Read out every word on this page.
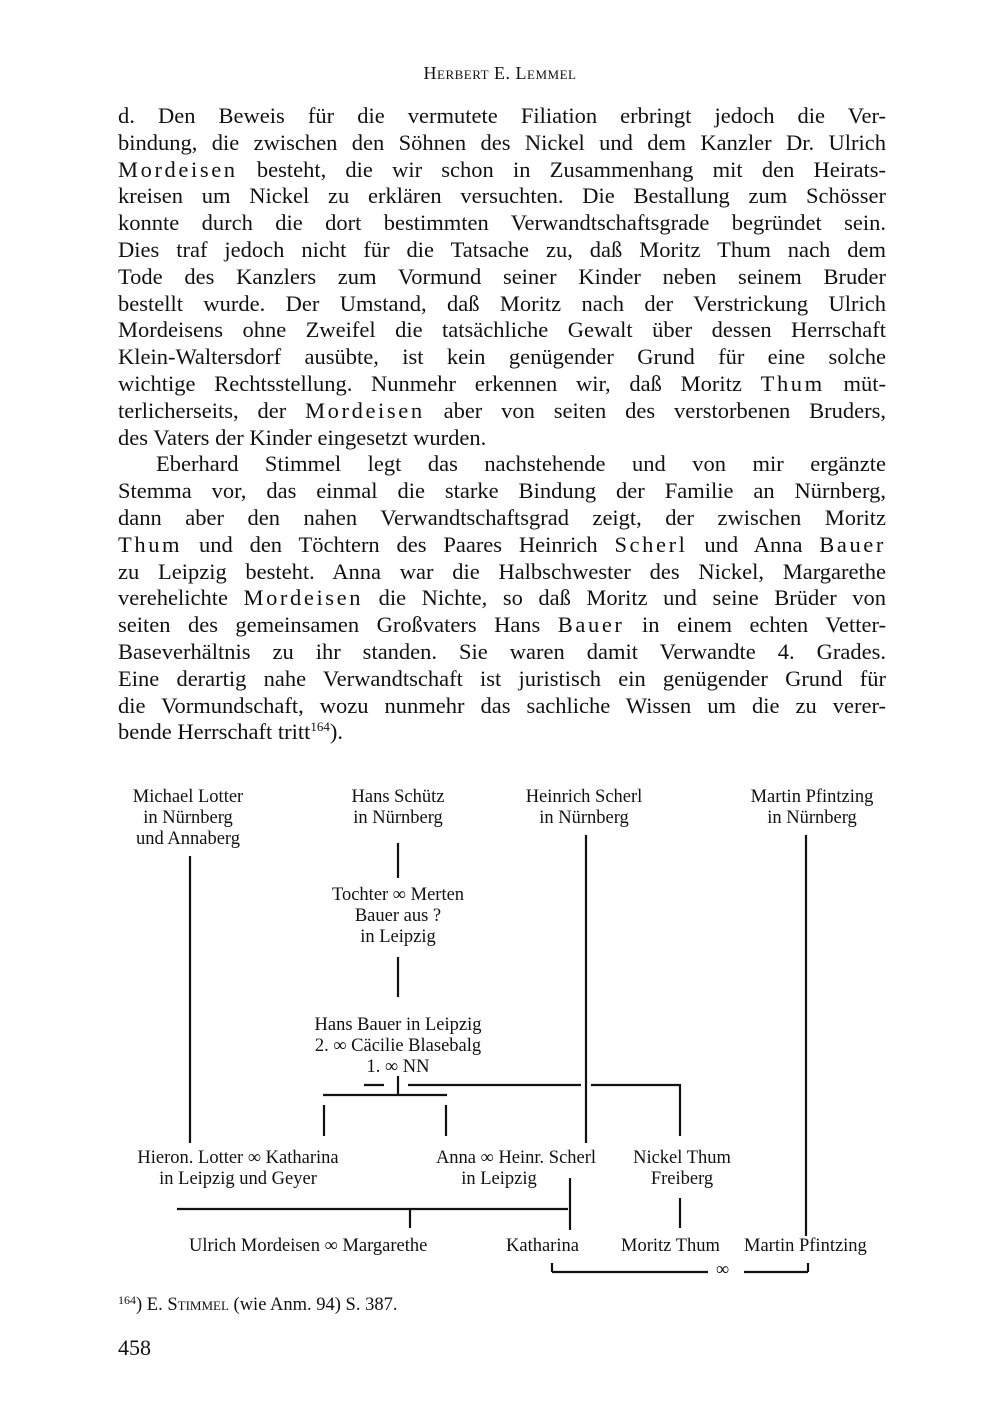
Herbert E. Lemmel

d. Den Beweis für die vermutete Filiation erbringt jedoch die Ver-
bindung, die zwischen den Söhnen des Nickel und dem Kanzler Dr. Ulrich
Mordeisen besteht, die wir schon in Zusammenhang mit den Heirats-
kreisen um Nickel zu erklären versuchten. Die Bestallung zum Schösser
konnte durch die dort bestimmten Verwandtschaftsgrade begründet sein.
Dies traf jedoch nicht für die Tatsache zu, daß Moritz Thum nach dem
Tode des Kanzlers zum Vormund seiner Kinder neben seinem Bruder
bestellt wurde. Der Umstand, daß Moritz nach der Verstrickung Ulrich
Mordeisens ohne Zweifel die tatsächliche Gewalt über dessen Herrschaft
Klein-Waltersdorf ausübte, ist kein genügender Grund für eine solche
wichtige Rechtsstellung. Nunmehr erkennen wir, daß Moritz Thum müt-
terlicherseits, der Mordeisen aber von seiten des verstorbenen Bruders,
des Vaters der Kinder eingesetzt wurden.

Eberhard Stimmel legt das nachstehende und von mir ergänzte
Stemma vor, das einmal die starke Bindung der Familie an Nürnberg,
dann aber den nahen Verwandtschaftsgrad zeigt, der zwischen Moritz
Thum und den Töchtern des Paares Heinrich Scherl und Anna Bauer
zu Leipzig besteht. Anna war die Halbschwester des Nickel, Margarethe
verehelichte Mordeisen die Nichte, so daß Moritz und seine Brüder von
seiten des gemeinsamen Großvaters Hans Bauer in einem echten Vetter-
Baseverhältnis zu ihr standen. Sie waren damit Verwandte 4. Grades.
Eine derartig nahe Verwandtschaft ist juristisch ein genügender Grund für
die Vormundschaft, wozu nunmehr das sachliche Wissen um die zu verer-
bende Herrschaft tritt$^{164}$).

Michael Lotter
in Nürnberg
und Annaberg
Hans Schütz
in Nürnberg
Heinrich Scherl
in Nürnberg
Martin Pfintzing
in Nürnberg
Tochter ∞ Merten
Bauer aus ?
in Leipzig
Hans Bauer in Leipzig
2. ∞ Cäcilie Blasebalg
1. ∞ NN
Hieron. Lotter ∞ Katharina
in Leipzig und Geyer
Anna ∞ Heinr. Scherl
in Leipzig
Nickel Thum
Freiberg
Ulrich Mordeisen ∞ Margarethe	Katharina Moritz Thum Martin Pfintzing
∞
$^{164}$) E. Stimmel (wie Anm. 94) S. 387.
458
